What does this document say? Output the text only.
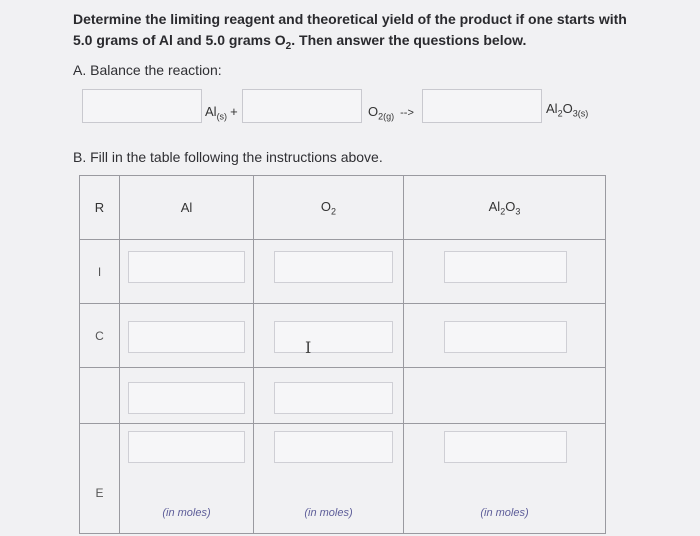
Determine the limiting reagent and theoretical yield of the product if one starts with
5.0 grams of Al and 5.0 grams $O_2$. Then answer the questions below.
A. Balance the reaction:
$Al_{(s)}$ +	$O_{2(g)}$ -->	$Al_2O_{3(s)}$
B. Fill in the table following the instructions above.
R	Al	$O_2$	$Al_2O_3$
I	

C		I	

E	(in moles)	(in moles)	(in moles)
